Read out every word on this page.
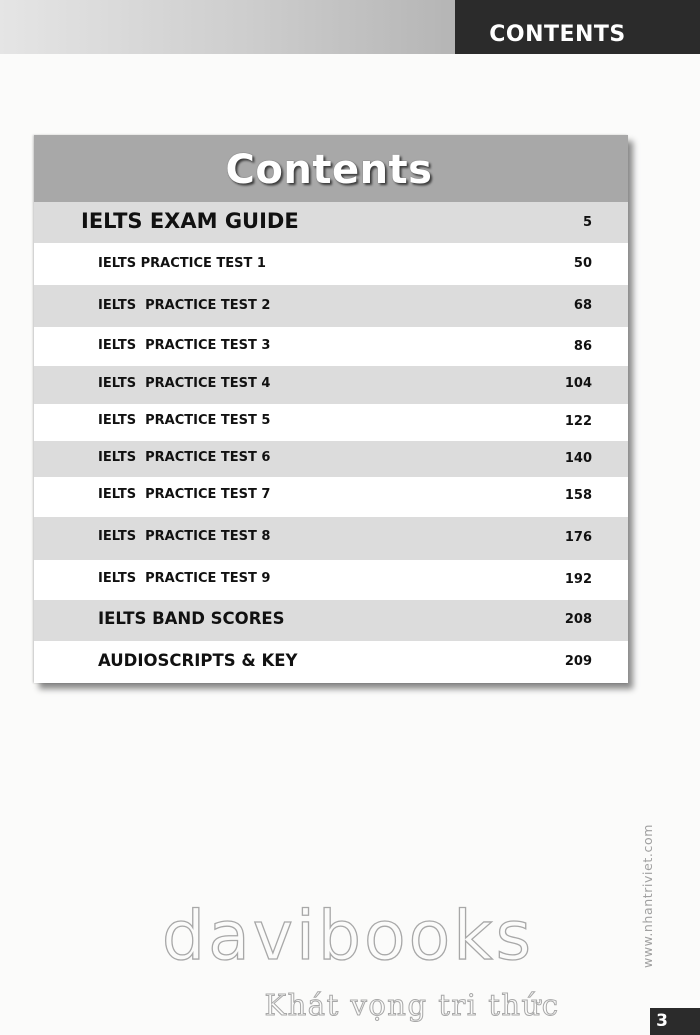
CONTENTS
Contents
IELTS EXAM GUIDE	5
IELTS PRACTICE TEST 1	50
IELTS  PRACTICE TEST 2	68
IELTS  PRACTICE TEST 3	86
IELTS  PRACTICE TEST 4	104
IELTS  PRACTICE TEST 5	122
IELTS  PRACTICE TEST 6	140
IELTS  PRACTICE TEST 7	158
IELTS  PRACTICE TEST 8	176
IELTS  PRACTICE TEST 9	192
IELTS BAND SCORES	208
AUDIOSCRIPTS & KEY	209
www.nhantriviet.com
3
davibooks
Khát vọng tri thức
